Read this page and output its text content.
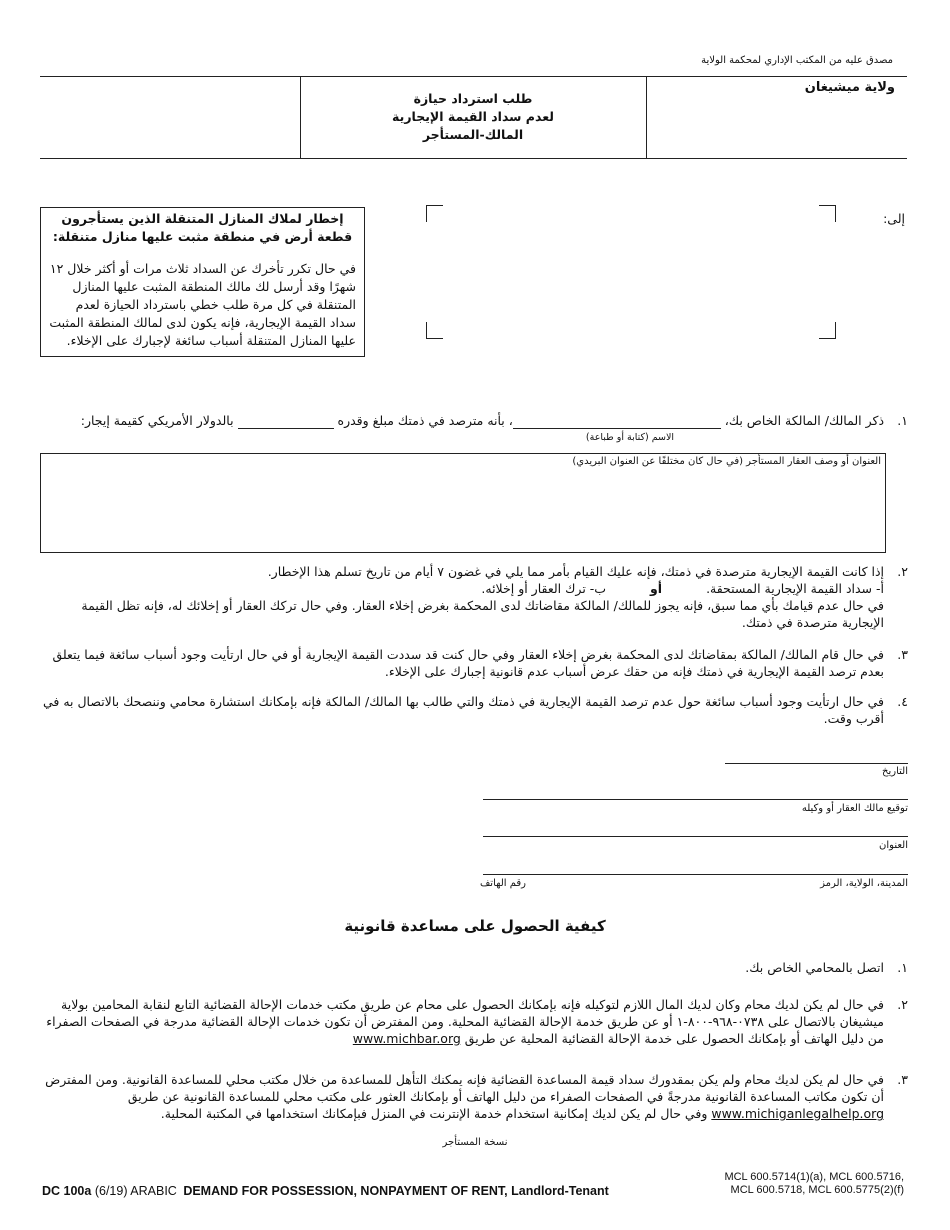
مصدق عليه من المكتب الإداري لمحكمة الولاية
ولاية ميشيغان
طلب استرداد حيازة
لعدم سداد القيمة الإيجارية
المالك-المستأجر
إلى:
إخطار لملاك المنازل المتنقلة الذين يستأجرون قطعة أرض في منطقة مثبت عليها منازل متنقلة:
في حال تكرر تأخرك عن السداد ثلاث مرات أو أكثر خلال ١٢ شهرًا وقد أرسل لك مالك المنطقة المثبت عليها المنازل المتنقلة في كل مرة طلب خطي باسترداد الحيازة لعدم سداد القيمة الإيجارية، فإنه يكون لدى لمالك المنطقة المثبت عليها المنازل المتنقلة أسباب سائغة لإجبارك على الإخلاء.
١. ذكر المالك/ المالكة الخاص بك، ، بأنه مترصد في ذمتك مبلغ وقدره  بالدولار الأمريكي كقيمة إيجار:
الاسم (كتابة أو طباعة)
العنوان أو وصف العقار المستأجر (في حال كان مختلفًا عن العنوان البريدي)
٢. إذا كانت القيمة الإيجارية مترصدة في ذمتك، فإنه عليك القيام بأمر مما يلي في غضون ٧ أيام من تاريخ تسلم هذا الإخطار.
أ- سداد القيمة الإيجارية المستحقة.  أو  ب- ترك العقار أو إخلائه.
في حال عدم قيامك بأي مما سبق، فإنه يجوز للمالك/ المالكة مقاضاتك لدى المحكمة بغرض إخلاء العقار. وفي حال تركك العقار أو إخلائك له، فإنه تظل القيمة الإيجارية مترصدة في ذمتك.
٣.
في حال قام المالك/ المالكة بمقاضاتك لدى المحكمة بغرض إخلاء العقار وفي حال كنت قد سددت القيمة الإيجارية أو في حال ارتأيت وجود أسباب سائغة فيما يتعلق بعدم ترصد القيمة الإيجارية في ذمتك فإنه من حقك عرض أسباب عدم قانونية إجبارك على الإخلاء.
٤.
في حال ارتأيت وجود أسباب سائغة حول عدم ترصد القيمة الإيجارية في ذمتك والتي طالب بها المالك/ المالكة فإنه بإمكانك استشارة محامي وننصحك بالاتصال به في أقرب وقت.
التاريخ
توقيع مالك العقار أو وكيله
العنوان
المدينة، الولاية، الرمز
رقم الهاتف
كيفية الحصول على مساعدة قانونية
١. اتصل بالمحامي الخاص بك.
٢.
في حال لم يكن لديك محام وكان لديك المال اللازم لتوكيله فإنه بإمكانك الحصول على محام عن طريق مكتب خدمات الإحالة القضائية التابع لنقابة المحامين بولاية ميشيغان بالاتصال على ٠٧٣٨-٩٦٨-٨٠٠-١ أو عن طريق خدمة الإحالة القضائية المحلية. ومن المفترض أن تكون خدمات الإحالة القضائية مدرجة في الصفحات الصفراء من دليل الهاتف أو بإمكانك الحصول على خدمة الإحالة القضائية المحلية عن طريق www.michbar.org
٣.
في حال لم يكن لديك محام ولم يكن بمقدورك سداد قيمة المساعدة القضائية فإنه يمكنك التأهل للمساعدة من خلال مكتب محلي للمساعدة القانونية. ومن المفترض أن تكون مكاتب المساعدة القانونية مدرجةً في الصفحات الصفراء من دليل الهاتف أو بإمكانك العثور على مكتب محلي للمساعدة القانونية عن طريق www.michiganlegalhelp.org وفي حال لم يكن لديك إمكانية استخدام خدمة الإنترنت في المنزل فبإمكانك استخدامها في المكتبة المحلية.
نسخة المستأجر
DC 100a (6/19) ARABIC DEMAND FOR POSSESSION, NONPAYMENT OF RENT, Landlord-Tenant
MCL 600.5714(1)(a), MCL 600.5716,
MCL 600.5718, MCL 600.5775(2)(f)
